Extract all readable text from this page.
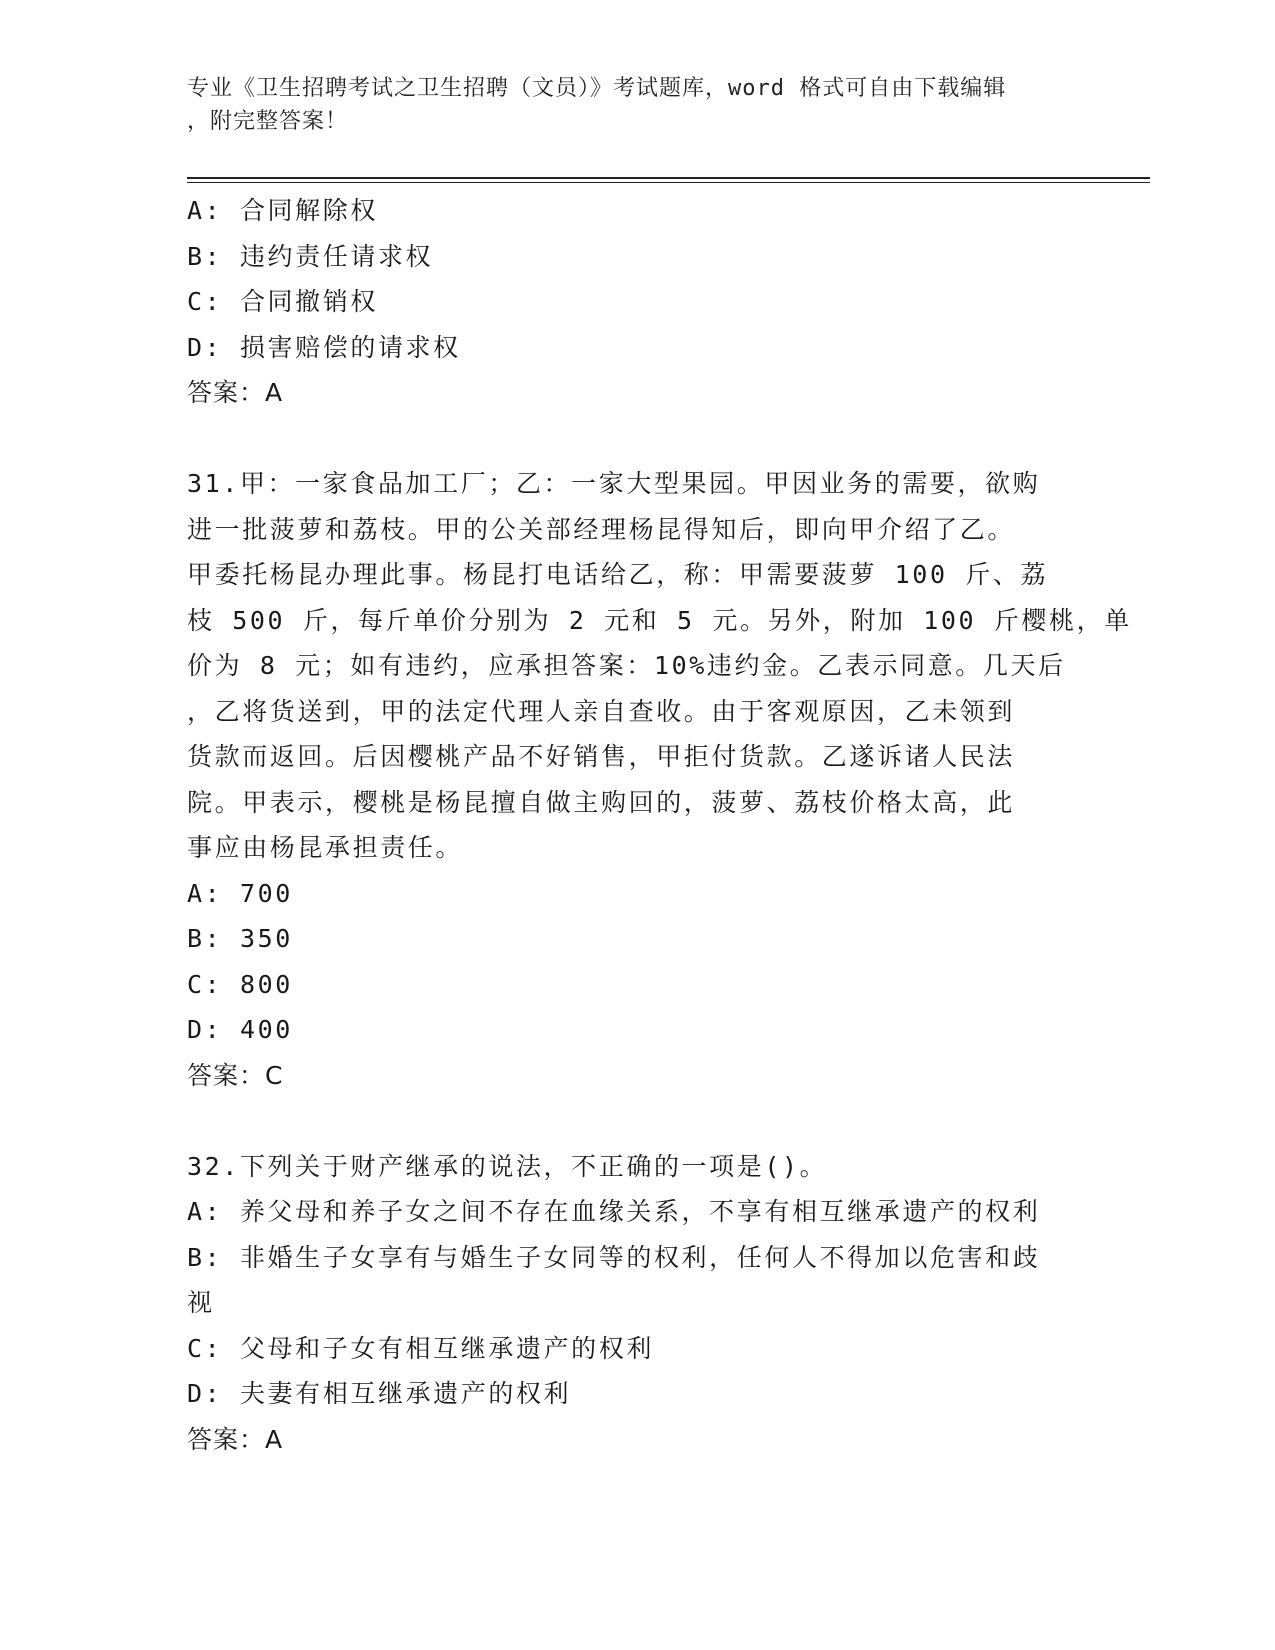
专业《卫生招聘考试之卫生招聘（文员）》考试题库，word 格式可自由下载编辑
，附完整答案！
A: 合同解除权
B: 违约责任请求权
C: 合同撤销权
D: 损害赔偿的请求权
答案：A
31.甲：一家食品加工厂；乙：一家大型果园。甲因业务的需要，欲购
进一批菠萝和荔枝。甲的公关部经理杨昆得知后，即向甲介绍了乙。
甲委托杨昆办理此事。杨昆打电话给乙，称：甲需要菠萝 100 斤、荔
枝 500 斤，每斤单价分别为 2 元和 5 元。另外，附加 100 斤樱桃，单
价为 8 元；如有违约，应承担答案：10%违约金。乙表示同意。几天后
，乙将货送到，甲的法定代理人亲自查收。由于客观原因，乙未领到
货款而返回。后因樱桃产品不好销售，甲拒付货款。乙遂诉诸人民法
院。甲表示，樱桃是杨昆擅自做主购回的，菠萝、荔枝价格太高，此
事应由杨昆承担责任。
A: 700
B: 350
C: 800
D: 400
答案：C
32.下列关于财产继承的说法，不正确的一项是()。
A: 养父母和养子女之间不存在血缘关系，不享有相互继承遗产的权利
B: 非婚生子女享有与婚生子女同等的权利，任何人不得加以危害和歧
视
C: 父母和子女有相互继承遗产的权利
D: 夫妻有相互继承遗产的权利
答案：A
